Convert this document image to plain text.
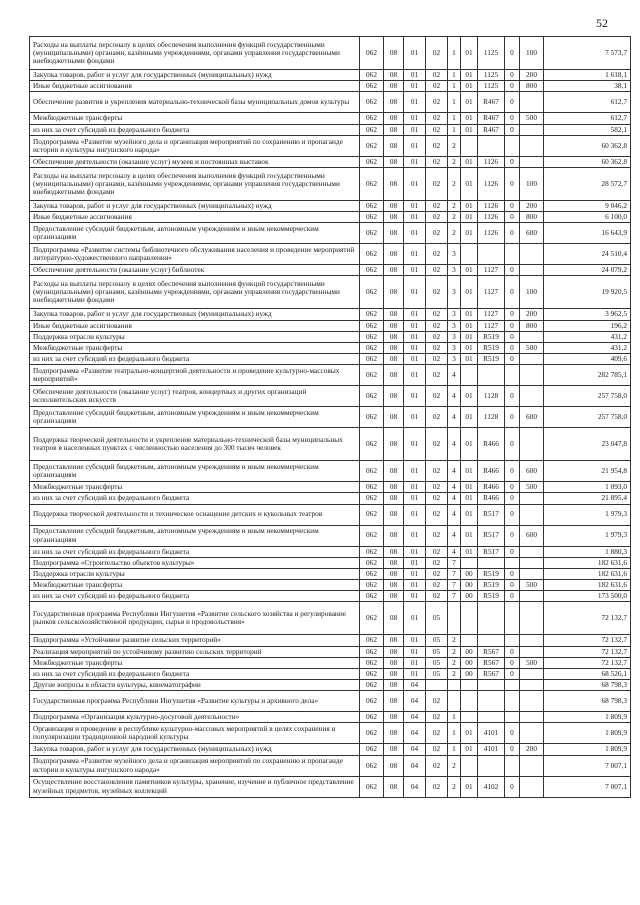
52
Расходы на выплаты персоналу в целях обеспечения выполнения функций государственными (муниципальными) органами, казёнными учреждениями, органами управления государственными внебюджетными фондами	062	08	01	02	1	01	1125	0	100	7 573,7
Закупка товаров, работ и услуг для государственных (муниципальных) нужд	062	08	01	02	1	01	1125	0	200	1 618,1
Иные бюджетные ассигнования	062	08	01	02	1	01	1125	0	800	38,1
Обеспечение развития и укрепления материально-технической базы муниципальных домов культуры	062	08	01	02	1	01	R467	0		612,7
Межбюджетные трансферты	062	08	01	02	1	01	R467	0	500	612,7
из них за счет субсидий из федерального бюджета	062	08	01	02	1	01	R467	0		582,1
Подпрограмма «Развитие музейного дела и организация мероприятий по сохранению и пропаганде истории и культуры ингушского народа»	062	08	01	02	2					60 362,8
Обеспечение деятельности (оказание услуг) музеев и постоянных выставок	062	08	01	02	2	01	1126	0		60 362,8
Расходы на выплаты персоналу в целях обеспечения выполнения функций государственными (муниципальными) органами, казёнными учреждениями, органами управления государственными внебюджетными фондами	062	08	01	02	2	01	1126	0	100	28 572,7
Закупка товаров, работ и услуг для государственных (муниципальных) нужд	062	08	01	02	2	01	1126	0	200	9 046,2
Иные бюджетные ассигнования	062	08	01	02	2	01	1126	0	800	6 100,0
Предоставление субсидий бюджетным, автономным учреждениям и иным некоммерческим организациям	062	08	01	02	2	01	1126	0	600	16 643,9
Подпрограмма «Развитие системы библиотечного обслуживания населения и проведение мероприятий литературно-художественного направления»	062	08	01	02	3					24 510,4
Обеспечение деятельности (оказание услуг) библиотек	062	08	01	02	3	01	1127	0		24 079,2
Расходы на выплаты персоналу в целях обеспечения выполнения функций государственными (муниципальными) органами, казёнными учреждениями, органами управления государственными внебюджетными фондами	062	08	01	02	3	01	1127	0	100	19 920,5
Закупка товаров, работ и услуг для государственных (муниципальных) нужд	062	08	01	02	3	01	1127	0	200	3 962,5
Иные бюджетные ассигнования	062	08	01	02	3	01	1127	0	800	196,2
Поддержка отрасли культуры	062	08	01	02	3	01	R519	0		431,2
Межбюджетные трансферты	062	08	01	02	3	01	R519	0	500	431,2
из них за счет субсидий из федерального бюджета	062	08	01	02	3	01	R519	0		409,6
Подпрограмма «Развитие театрально-концертной деятельности и проведение культурно-массовых мероприятий»	062	08	01	02	4					282 785,1
Обеспечение деятельности (оказание услуг) театров, концертных и других организаций исполнительских искусств	062	08	01	02	4	01	1128	0		257 758,0
Предоставление субсидий бюджетным, автономным учреждениям и иным некоммерческим организациям	062	08	01	02	4	01	1128	0	600	257 758,0
Поддержка творческой деятельности и укрепление материально-технической базы муниципальных театров в населенных пунктах с численностью населения до 300 тысяч человек	062	08	01	02	4	01	R466	0		23 047,8
Предоставление субсидий бюджетным, автономным учреждениям и иным некоммерческим организациям	062	08	01	02	4	01	R466	0	600	21 954,8
Межбюджетные трансферты	062	08	01	02	4	01	R466	0	500	1 093,0
из них за счет субсидий из федерального бюджета	062	08	01	02	4	01	R466	0		21 895,4
Поддержка творческой деятельности и техническое оснащение детских и кукольных театров	062	08	01	02	4	01	R517	0		1 979,3
Предоставление субсидий бюджетным, автономным учреждениям и иным некоммерческим организациям	062	08	01	02	4	01	R517	0	600	1 979,3
из них за счет субсидий из федерального бюджета	062	08	01	02	4	01	R517	0		1 880,3
Подпрограмма «Строительство объектов культуры»	062	08	01	02	7					182 631,6
Поддержка отрасли культуры	062	08	01	02	7	00	R519	0		182 631,6
Межбюджетные трансферты	062	08	01	02	7	00	R519	0	500	182 631,6
из них за счет субсидий из федерального бюджета	062	08	01	02	7	00	R519	0		173 500,0
Государственная программа Республики Ингушетия «Развитие сельского хозяйства и регулирование рынков сельскохозяйственной продукции, сырья и продовольствия»	062	08	01	05						72 132,7
Подпрограмма «Устойчивое развитие сельских территорий»	062	08	01	05	2					72 132,7
Реализация мероприятий по устойчивому развитию сельских территорий	062	08	01	05	2	00	R567	0		72 132,7
Межбюджетные трансферты	062	08	01	05	2	00	R567	0	500	72 132,7
из них за счет субсидий из федерального бюджета	062	08	01	05	2	00	R567	0		68 526,1
Другие вопросы в области культуры, кинематографии	062	08	04							68 798,3
Государственная программа Республики Ингушетия «Развитие культуры и архивного дела»	062	08	04	02						68 798,3
Подпрограмма «Организация культурно-досуговой деятельности»	062	08	04	02	1					1 809,9
Организация и проведение в республике культурно-массовых мероприятий в целях сохранения и популяризации традиционной народной культуры	062	08	04	02	1	01	4101	0		1 809,9
Закупка товаров, работ и услуг для государственных (муниципальных) нужд	062	08	04	02	1	01	4101	0	200	1 809,9
Подпрограмма «Развитие музейного дела и организация мероприятий по сохранению и пропаганде истории и культуры ингушского народа»	062	08	04	02	2					7 007,1
Осуществление восстановления памятников культуры, хранение, изучение и публичное представление музейных предметов, музейных коллекций	062	08	04	02	2	01	4102	0		7 007,1
